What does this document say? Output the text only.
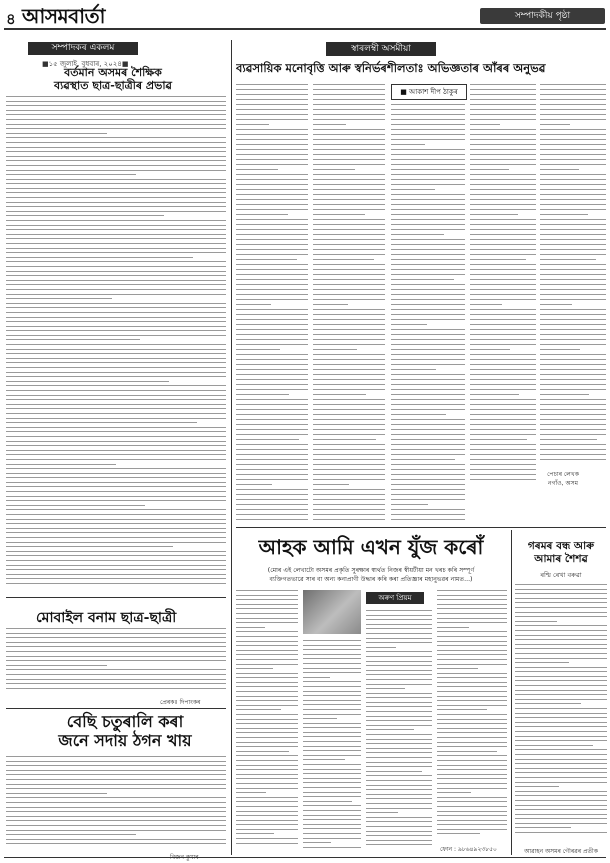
৪ আসমবাৰ্তা	সম্পাদকীয় পৃষ্ঠা
সম্পাদকৰ একলম
■১৫ জুলাই, বুধবাৰ, ২০২৪■
বৰ্তমান অসমৰ শৈক্ষিক
ব্যৱস্থাত ছাত্ৰ-ছাত্ৰীৰ প্ৰভাৱ
মোবাইল বনাম ছাত্ৰ-ছাত্ৰী
প্ৰেৰকঃ দিপাংকৰ
বেছি চতুৰালি কৰা
জনে সদায় ঠগন খায়
স্বাৰলম্বী অসমীয়া
ব্যৱসায়িক মনোবৃত্তি আৰু স্বনিৰ্ভৰশীলতাঃ অভিজ্ঞতাৰ আঁৰৰ অনুভৱ
■ আকাশ দীপ ঠাকুৰ
পেচাৰ লেখক
নগাঁও, অসম
আহক আমি এখন যুঁজ কৰোঁ
(মোৰ এই লেখাটো অসমৰ প্ৰকৃতি সুৰক্ষাৰ স্বাৰ্থত নিজৰ স্বীয়টীয়া মন খৰচ কৰি সম্পূৰ্ণ
ব্যক্তিগতভাৱে সাৰ বা অন্য কনাপ্ৰাণী উদ্ধাৰ কৰি কৰা প্ৰতিজ্ঞাৰ মহানুভৱৰ নামত...)
অৰুণ প্ৰিয়ম
ফোন : ৯৮৬৪৯২৩৮৫০
গৰমৰ বন্ধ আৰু
আমাৰ শৈশৱ
ৰশ্মি ৰেখা বৰুৱা
আৱাহন অসমৰ গৌৰৱৰ প্ৰতীক
